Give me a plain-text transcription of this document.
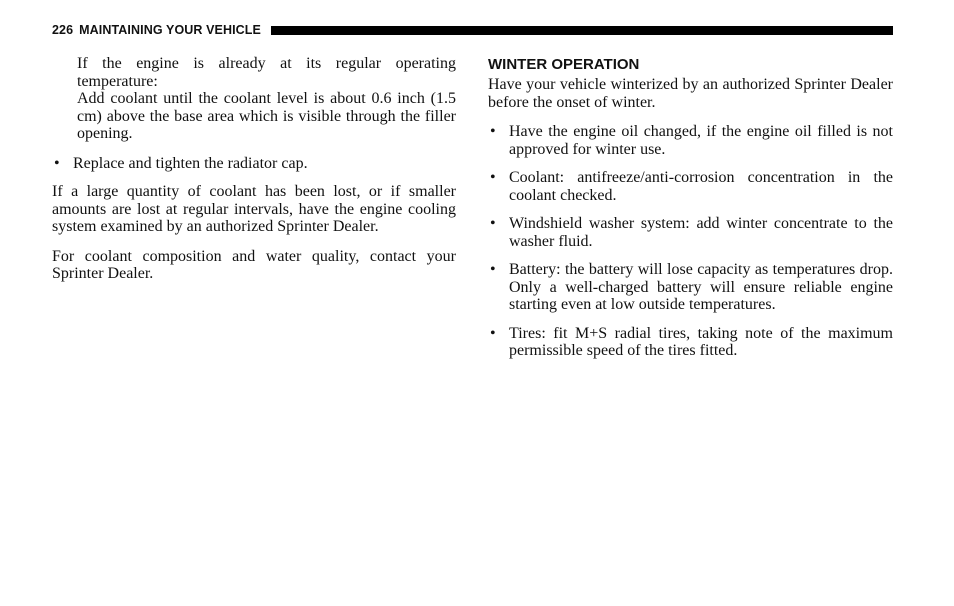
226 MAINTAINING YOUR VEHICLE

If the engine is already at its regular operating temperature:

Add coolant until the coolant level is about 0.6 inch (1.5 cm) above the base area which is visible through the filler opening.

• Replace and tighten the radiator cap.

If a large quantity of coolant has been lost, or if smaller amounts are lost at regular intervals, have the engine cooling system examined by an authorized Sprinter Dealer.

For coolant composition and water quality, contact your Sprinter Dealer.

WINTER OPERATION

Have your vehicle winterized by an authorized Sprinter Dealer before the onset of winter.

• Have the engine oil changed, if the engine oil filled is not approved for winter use.
• Coolant: antifreeze/anti-corrosion concentration in the coolant checked.
• Windshield washer system: add winter concentrate to the washer fluid.
• Battery: the battery will lose capacity as temperatures drop. Only a well-charged battery will ensure reliable engine starting even at low outside temperatures.
• Tires: fit M+S radial tires, taking note of the maximum permissible speed of the tires fitted.
